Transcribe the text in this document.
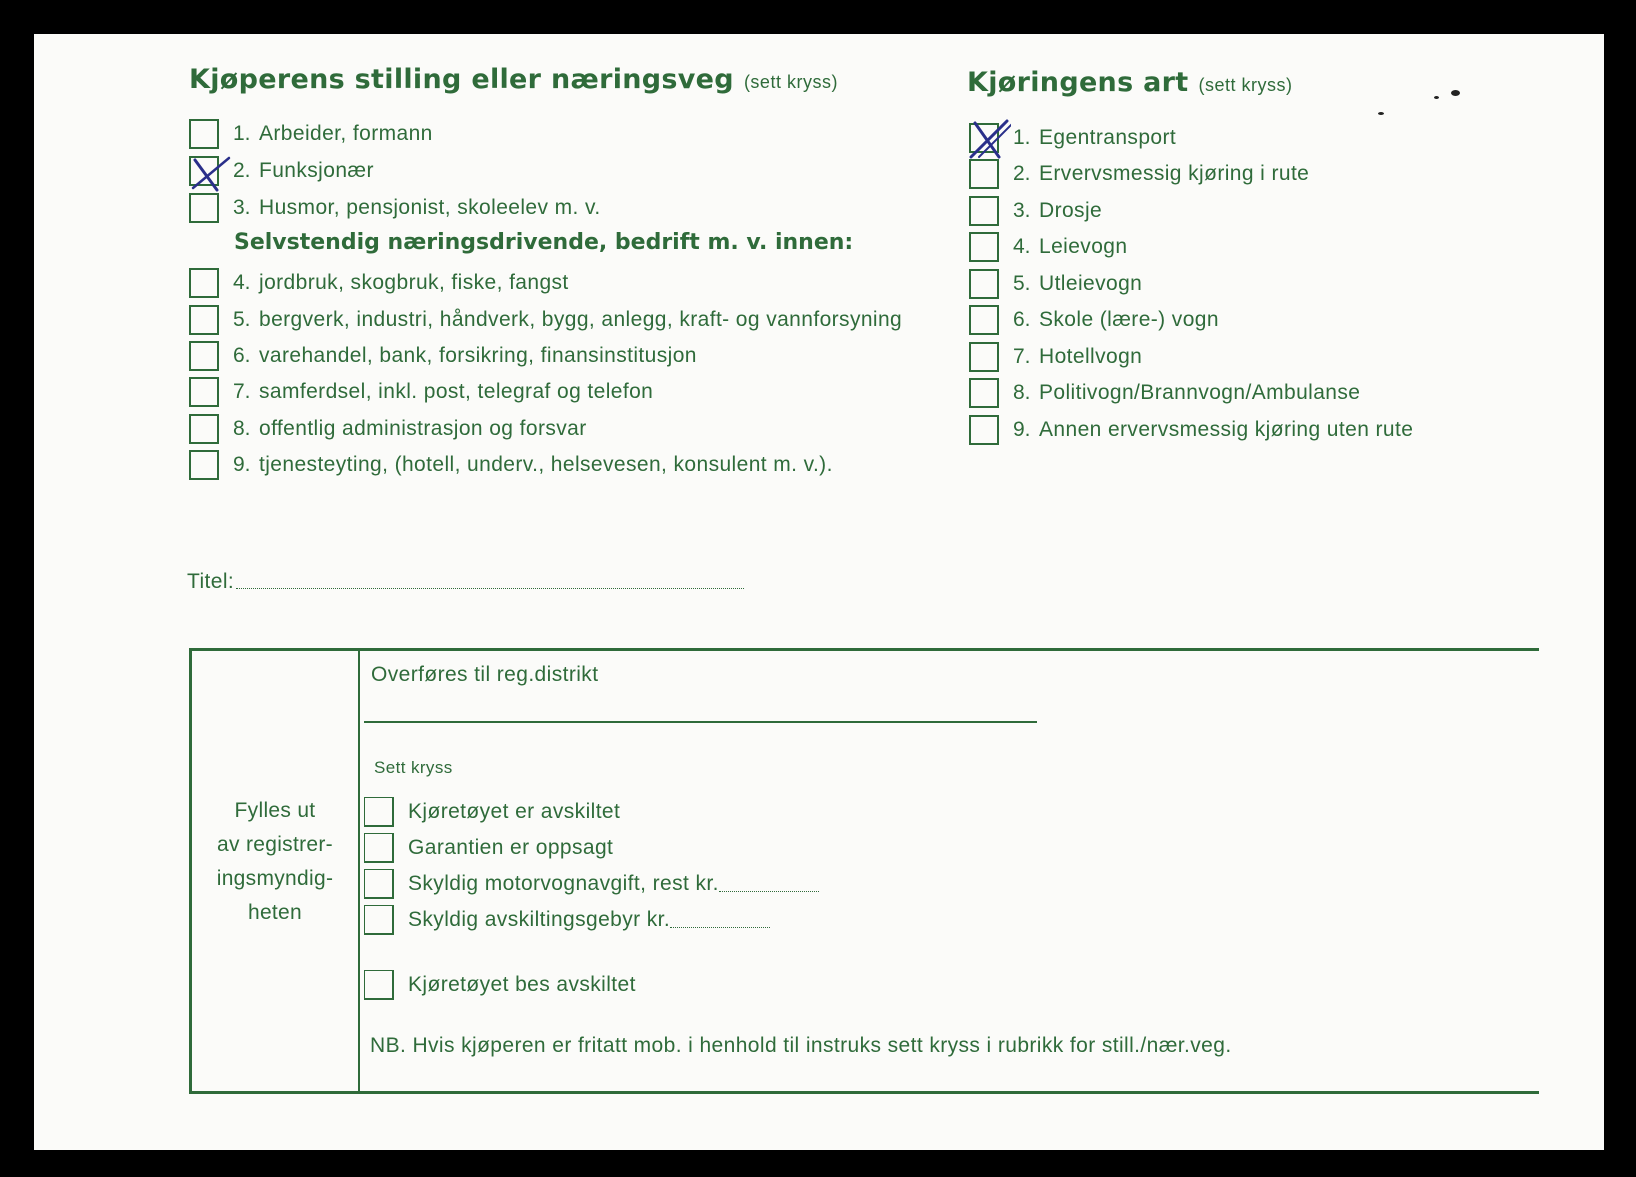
Kjøperens stilling eller næringsveg (sett kryss)
1. Arbeider, formann
2. Funksjonær
3. Husmor, pensjonist, skoleelev m. v.
Selvstendig næringsdrivende, bedrift m. v. innen:
4. jordbruk, skogbruk, fiske, fangst
5. bergverk, industri, håndverk, bygg, anlegg, kraft- og vannforsyning
6. varehandel, bank, forsikring, finansinstitusjon
7. samferdsel, inkl. post, telegraf og telefon
8. offentlig administrasjon og forsvar
9. tjenesteyting, (hotell, underv., helsevesen, konsulent m. v.).
Kjøringens art (sett kryss)
1. Egentransport
2. Ervervsmessig kjøring i rute
3. Drosje
4. Leievogn
5. Utleievogn
6. Skole (lære-) vogn
7. Hotellvogn
8. Politivogn/Brannvogn/Ambulanse
9. Annen ervervsmessig kjøring uten rute
Titel:
Fylles ut
av registrer-
ingsmyndig-
heten
Overføres til reg.distrikt
Sett kryss
Kjøretøyet er avskiltet
Garantien er oppsagt
Skyldig motorvognavgift, rest kr.
Skyldig avskiltingsgebyr kr.
Kjøretøyet bes avskiltet
NB. Hvis kjøperen er fritatt mob. i henhold til instruks sett kryss i rubrikk for still./nær.veg.
